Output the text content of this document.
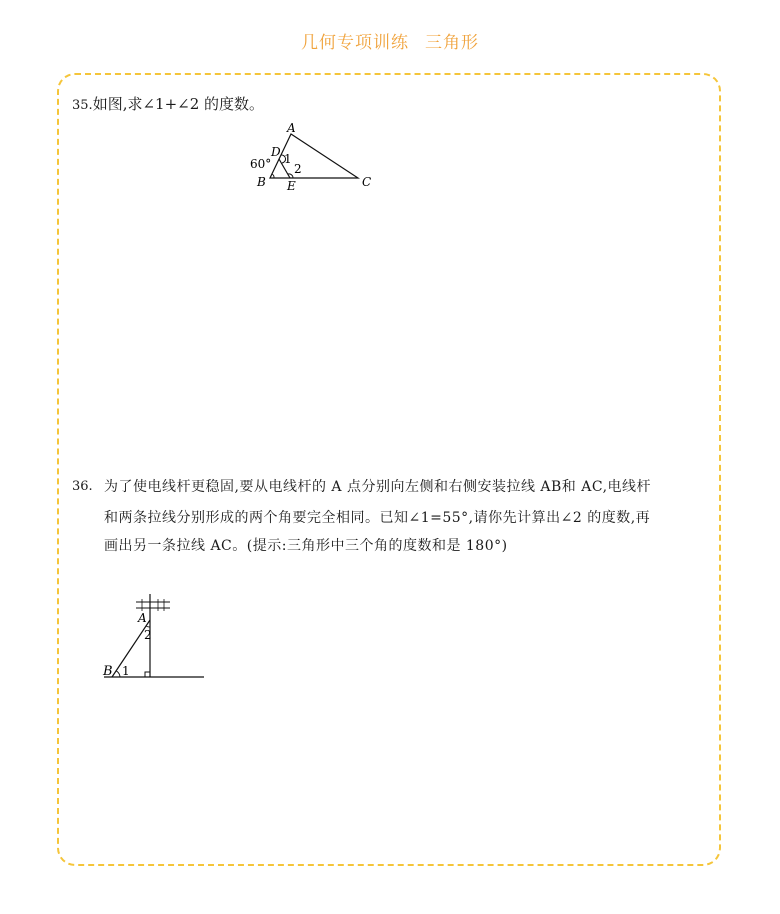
几何专项训练 三角形
35.如图,求∠1+∠2 的度数。
A
D
B E	C
60° 1
2
36. 为了使电线杆更稳固,要从电线杆的 A 点分别向左侧和右侧安装拉线 AB和 AC,电线杆
和两条拉线分别形成的两个角要完全相同。已知∠1=55°,请你先计算出∠2 的度数,再
画出另一条拉线 AC。(提示:三角形中三个角的度数和是 180°)
A
2
B 1
